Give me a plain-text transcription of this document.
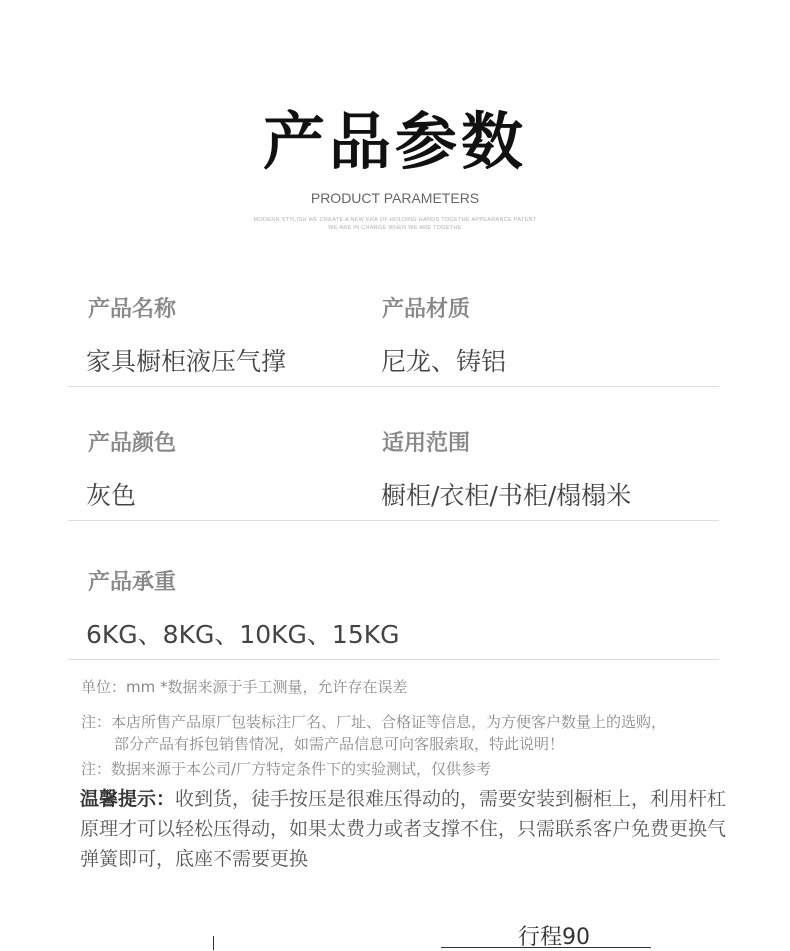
产品参数
PRODUCT PARAMETERS
MODERN STYLISH WE CREATE A NEW ERA OF HOLDING HANDS TOGETHE APPEARANCE PATENT
WE ARE IN CHARGE WHEN WE ARE TOGETHE
产品名称
家具橱柜液压气撑
产品材质
尼龙、铸铝
产品颜色
灰色
适用范围
橱柜/衣柜/书柜/榻榻米
产品承重
6KG、8KG、10KG、15KG
单位：mm *数据来源于手工测量，允许存在误差
注：本店所售产品原厂包装标注厂名、厂址、合格证等信息，为方便客户数量上的选购，
部分产品有拆包销售情况，如需产品信息可向客服索取，特此说明！
注：数据来源于本公司/厂方特定条件下的实验测试，仅供参考
温馨提示：收到货，徒手按压是很难压得动的，需要安装到橱柜上，利用杆杠原理才可以轻松压得动，如果太费力或者支撑不住，只需联系客户免费更换气弹簧即可，底座不需要更换
行程90
